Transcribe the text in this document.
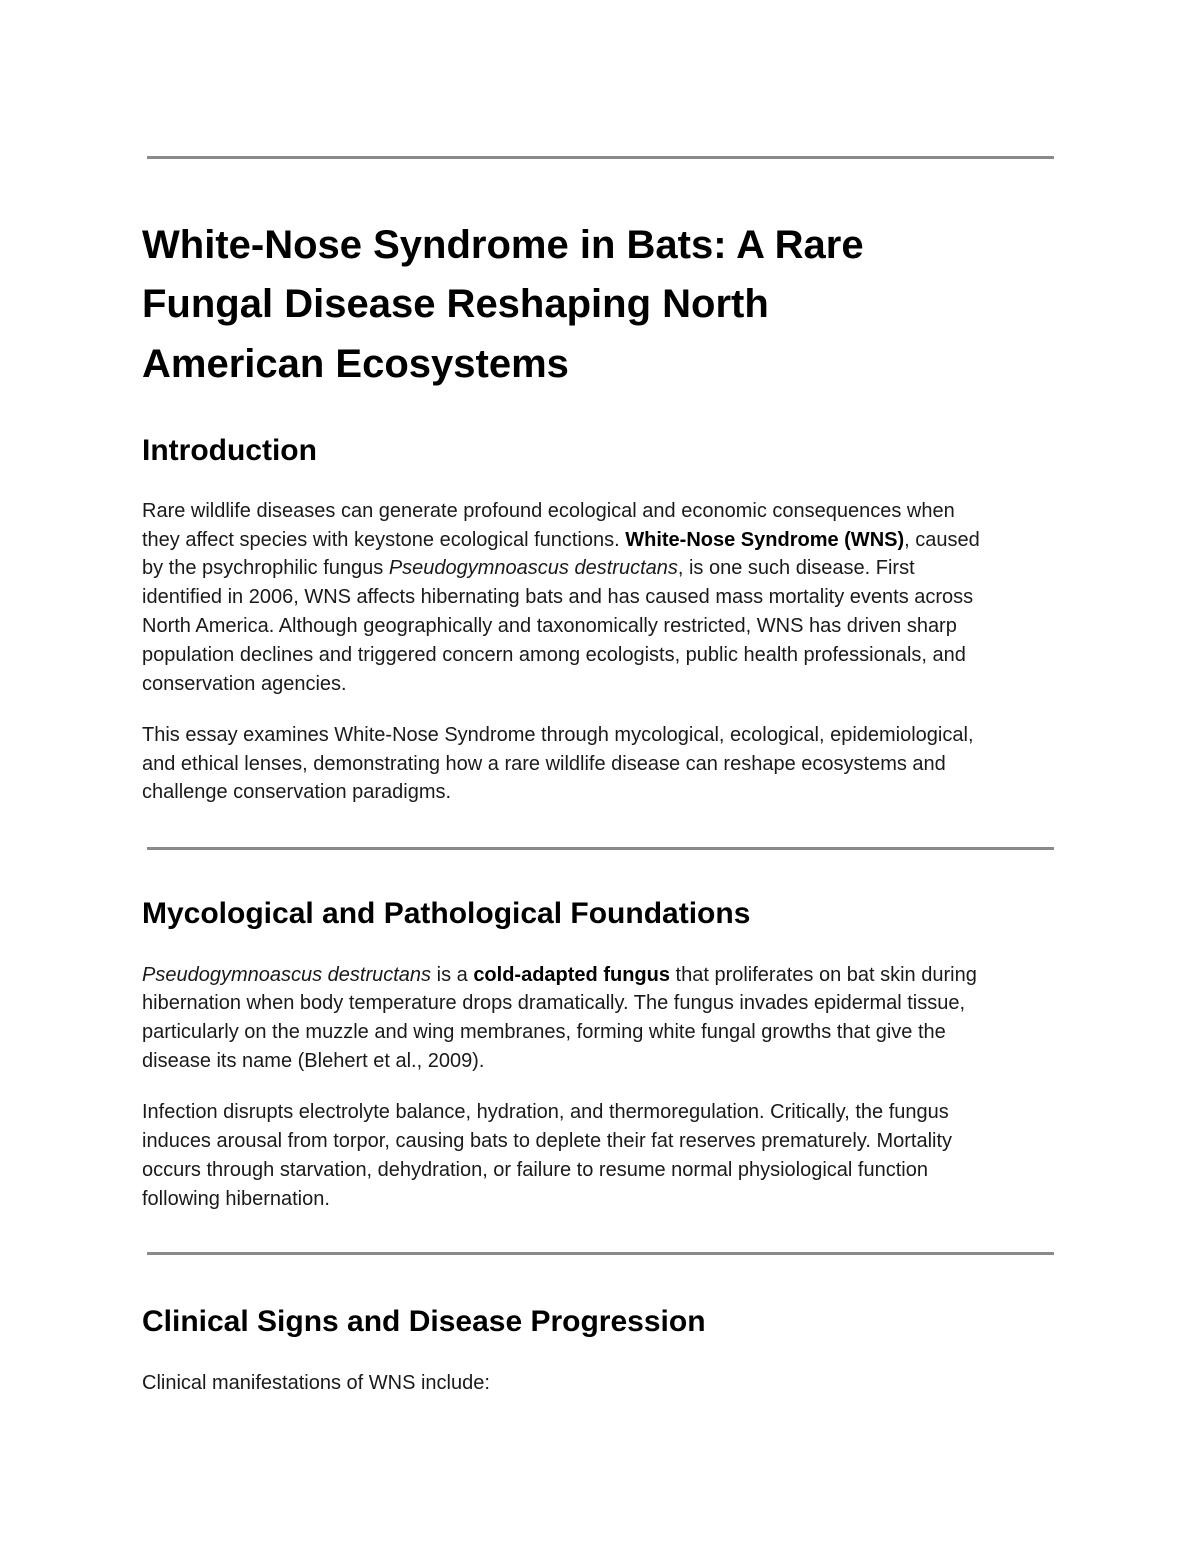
White-Nose Syndrome in Bats: A Rare
Fungal Disease Reshaping North
American Ecosystems
Introduction
Rare wildlife diseases can generate profound ecological and economic consequences when
they affect species with keystone ecological functions. White-Nose Syndrome (WNS), caused
by the psychrophilic fungus Pseudogymnoascus destructans, is one such disease. First
identified in 2006, WNS affects hibernating bats and has caused mass mortality events across
North America. Although geographically and taxonomically restricted, WNS has driven sharp
population declines and triggered concern among ecologists, public health professionals, and
conservation agencies.
This essay examines White-Nose Syndrome through mycological, ecological, epidemiological,
and ethical lenses, demonstrating how a rare wildlife disease can reshape ecosystems and
challenge conservation paradigms.
Mycological and Pathological Foundations
Pseudogymnoascus destructans is a cold-adapted fungus that proliferates on bat skin during
hibernation when body temperature drops dramatically. The fungus invades epidermal tissue,
particularly on the muzzle and wing membranes, forming white fungal growths that give the
disease its name (Blehert et al., 2009).
Infection disrupts electrolyte balance, hydration, and thermoregulation. Critically, the fungus
induces arousal from torpor, causing bats to deplete their fat reserves prematurely. Mortality
occurs through starvation, dehydration, or failure to resume normal physiological function
following hibernation.
Clinical Signs and Disease Progression
Clinical manifestations of WNS include:
